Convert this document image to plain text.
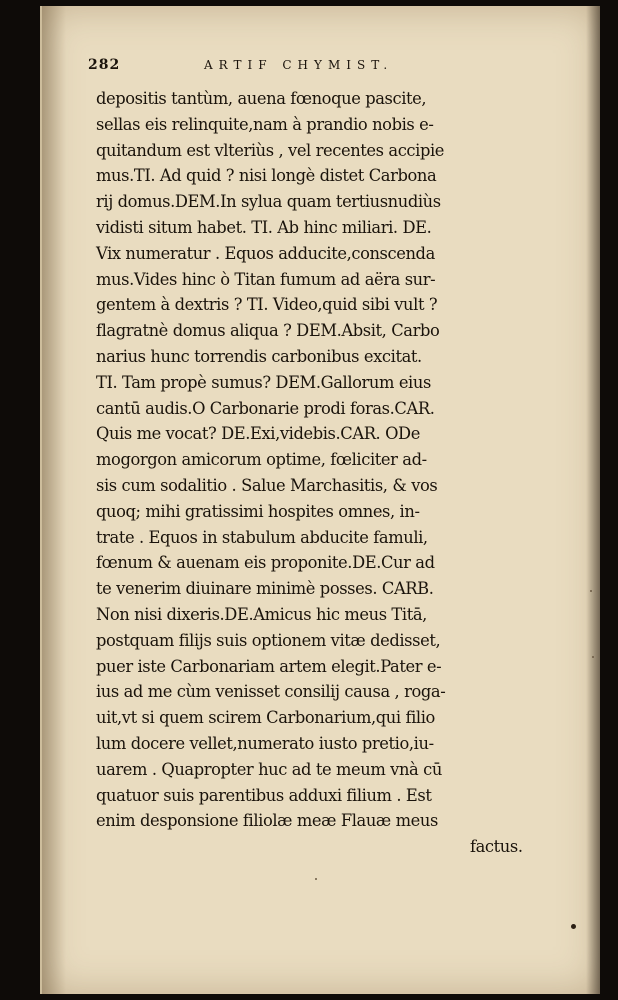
282	ARTIF CHYMIST.
depositis tantùm, auena fœnoque pascite,
sellas eis relinquite,nam à prandio nobis e-
quitandum est vlteriùs , vel recentes accipie
mus.TI. Ad quid ? nisi longè distet Carbona
rij domus.DEM.In sylua quam tertiusnudiùs
vidisti situm habet. TI. Ab hinc miliari. DE.
Vix numeratur . Equos adducite,conscenda
mus.Vides hinc ò Titan fumum ad aëra sur-
gentem à dextris ? TI. Video,quid sibi vult ?
flagratnè domus aliqua ? DEM.Absit, Carbo
narius hunc torrendis carbonibus excitat.
TI. Tam propè sumus? DEM.Gallorum eius
cantū audis.O Carbonarie prodi foras.CAR.
Quis me vocat? DE.Exi,videbis.CAR. ODe
mogorgon amicorum optime, fœliciter ad-
sis cum sodalitio . Salue Marchasitis, & vos
quoq; mihi gratissimi hospites omnes, in-
trate . Equos in stabulum abducite famuli,
fœnum & auenam eis proponite.DE.Cur ad
te venerim diuinare minimè posses. CARB.
Non nisi dixeris.DE.Amicus hic meus Titā,
postquam filijs suis optionem vitæ dedisset,
puer iste Carbonariam artem elegit.Pater e-
ius ad me cùm venisset consilij causa , roga-
uit,vt si quem scirem Carbonarium,qui filio
lum docere vellet,numerato iusto pretio,iu-
uarem . Quapropter huc ad te meum vnà cū
quatuor suis parentibus adduxi filium . Est
enim desponsione filiolæ meæ Flauæ meus
factus.
